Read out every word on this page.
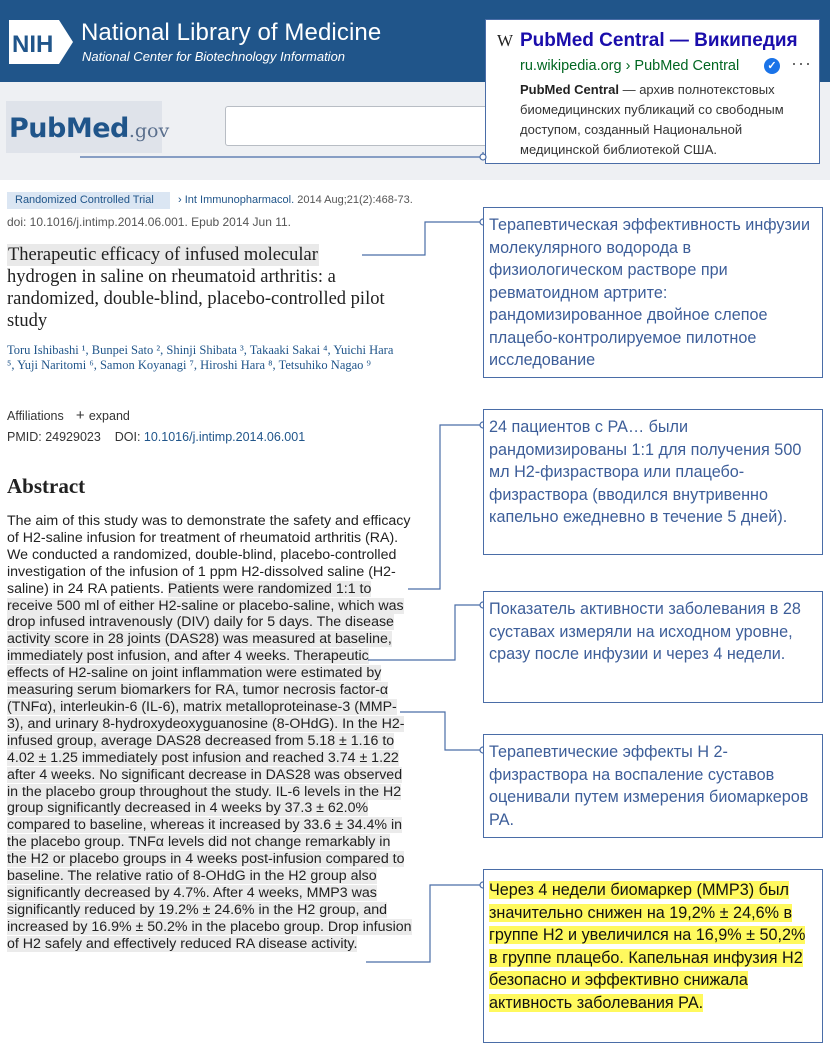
NIH National Library of Medicine
National Center for Biotechnology Information
PubMed.gov
W PubMed Central — Википедия
ru.wikipedia.org › PubMed Central	✓ ···
PubMed Central — архив полнотекстовых биомедицинских публикаций со свободным доступом, созданный Национальной медицинской библиотекой США.
Randomized Controlled Trial	› Int Immunopharmacol. 2014 Aug;21(2):468-73.
doi: 10.1016/j.intimp.2014.06.001. Epub 2014 Jun 11.
Therapeutic efficacy of infused molecular
hydrogen in saline on rheumatoid arthritis: a randomized, double-blind, placebo-controlled pilot study
Toru Ishibashi ¹, Bunpei Sato ², Shinji Shibata ³, Takaaki Sakai ⁴, Yuichi Hara ⁵, Yuji Naritomi ⁶, Samon Koyanagi ⁷, Hiroshi Hara ⁸, Tetsuhiko Nagao ⁹
Affiliations + expand
PMID: 24929023 DOI: 10.1016/j.intimp.2014.06.001
Abstract
The aim of this study was to demonstrate the safety and efficacy of H2-saline infusion for treatment of rheumatoid arthritis (RA). We conducted a randomized, double-blind, placebo-controlled investigation of the infusion of 1 ppm H2-dissolved saline (H2-saline) in 24 RA patients. Patients were randomized 1:1 to receive 500 ml of either H2-saline or placebo-saline, which was drop infused intravenously (DIV) daily for 5 days. The disease activity score in 28 joints (DAS28) was measured at baseline, immediately post infusion, and after 4 weeks. Therapeutic effects of H2-saline on joint inflammation were estimated by measuring serum biomarkers for RA, tumor necrosis factor-α (TNFα), interleukin-6 (IL-6), matrix metalloproteinase-3 (MMP-3), and urinary 8-hydroxydeoxyguanosine (8-OHdG). In the H2-infused group, average DAS28 decreased from 5.18 ± 1.16 to 4.02 ± 1.25 immediately post infusion and reached 3.74 ± 1.22 after 4 weeks. No significant decrease in DAS28 was observed in the placebo group throughout the study. IL-6 levels in the H2 group significantly decreased in 4 weeks by 37.3 ± 62.0% compared to baseline, whereas it increased by 33.6 ± 34.4% in the placebo group. TNFα levels did not change remarkably in the H2 or placebo groups in 4 weeks post-infusion compared to baseline. The relative ratio of 8-OHdG in the H2 group also significantly decreased by 4.7%. After 4 weeks, MMP3 was significantly reduced by 19.2% ± 24.6% in the H2 group, and increased by 16.9% ± 50.2% in the placebo group. Drop infusion of H2 safely and effectively reduced RA disease activity.
Терапевтическая эффективность инфузии молекулярного водорода в физиологическом растворе при ревматоидном артрите: рандомизированное двойное слепое плацебо-контролируемое пилотное исследование
24 пациентов с РА… были рандомизированы 1:1 для получения 500 мл H2-физраствора или плацебо-физраствора (вводился внутривенно капельно ежедневно в течение 5 дней).
Показатель активности заболевания в 28 суставах измеряли на исходном уровне, сразу после инфузии и через 4 недели.
Терапевтические эффекты Н 2-физраствора на воспаление суставов оценивали путем измерения биомаркеров РА.
Через 4 недели биомаркер (ММР3) был значительно снижен на 19,2% ± 24,6% в группе Н2 и увеличился на 16,9% ± 50,2% в группе плацебо. Капельная инфузия Н2 безопасно и эффективно снижала активность заболевания РА.
